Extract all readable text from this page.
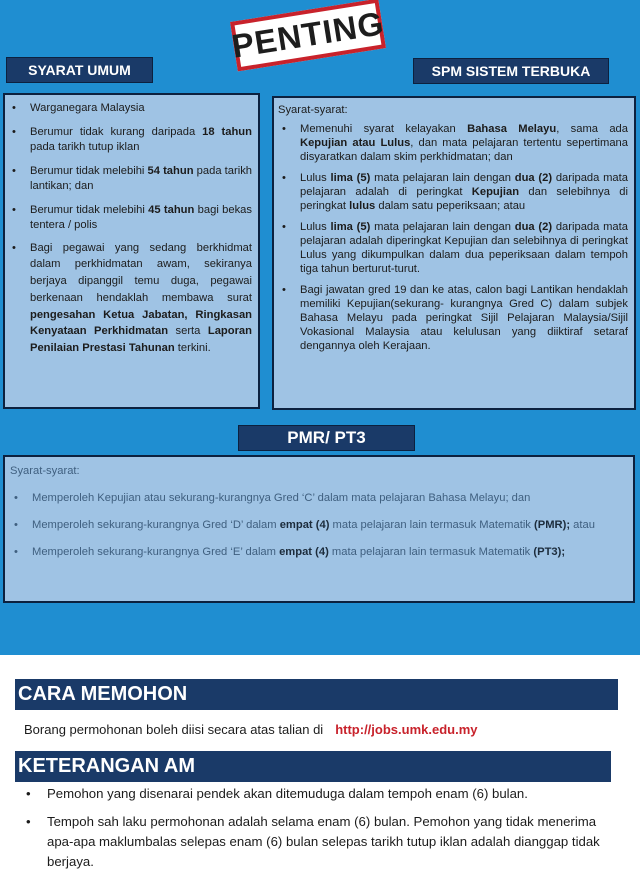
PENTING
SYARAT UMUM	SPM SISTEM TERBUKA
• Warganegara Malaysia
• Berumur tidak kurang daripada 18 tahun pada tarikh tutup iklan
• Berumur tidak melebihi 54 tahun pada tarikh lantikan; dan
• Berumur tidak melebihi 45 tahun bagi bekas tentera / polis
• Bagi pegawai yang sedang berkhidmat dalam perkhidmatan awam, sekiranya berjaya dipanggil temu duga, pegawai berkenaan hendaklah membawa surat pengesahan Ketua Jabatan, Ringkasan Kenyataan Perkhidmatan serta Laporan Penilaian Prestasi Tahunan terkini.
Syarat-syarat:
• Memenuhi syarat kelayakan Bahasa Melayu, sama ada Kepujian atau Lulus, dan mata pelajaran tertentu sepertimana disyaratkan dalam skim perkhidmatan; dan
• Lulus lima (5) mata pelajaran lain dengan dua (2) daripada mata pelajaran adalah di peringkat Kepujian dan selebihnya di peringkat lulus dalam satu peperiksaan; atau
• Lulus lima (5) mata pelajaran lain dengan dua (2) daripada mata pelajaran adalah diperingkat Kepujian dan selebihnya di peringkat Lulus yang dikumpulkan dalam dua peperiksaan dalam tempoh tiga tahun berturut-turut.
• Bagi jawatan gred 19 dan ke atas, calon bagi Lantikan hendaklah memiliki Kepujian(sekurang- kurangnya Gred C) dalam subjek Bahasa Melayu pada peringkat Sijil Pelajaran Malaysia/Sijil Vokasional Malaysia atau kelulusan yang diiktiraf setaraf dengannya oleh Kerajaan.
PMR/ PT3
Syarat-syarat:
• Memperoleh Kepujian atau sekurang-kurangnya Gred ‘C’ dalam mata pelajaran Bahasa Melayu; dan
• Memperoleh sekurang-kurangnya Gred ‘D’ dalam empat (4) mata pelajaran lain termasuk Matematik (PMR); atau
• Memperoleh sekurang-kurangnya Gred ‘E’ dalam empat (4) mata pelajaran lain termasuk Matematik (PT3);
CARA MEMOHON
Borang permohonan boleh diisi secara atas talian di http://jobs.umk.edu.my
KETERANGAN AM
• Pemohon yang disenarai pendek akan ditemuduga dalam tempoh enam (6) bulan.
• Tempoh sah laku permohonan adalah selama enam (6) bulan. Pemohon yang tidak menerima apa-apa maklumbalas selepas enam (6) bulan selepas tarikh tutup iklan adalah dianggap tidak berjaya.
